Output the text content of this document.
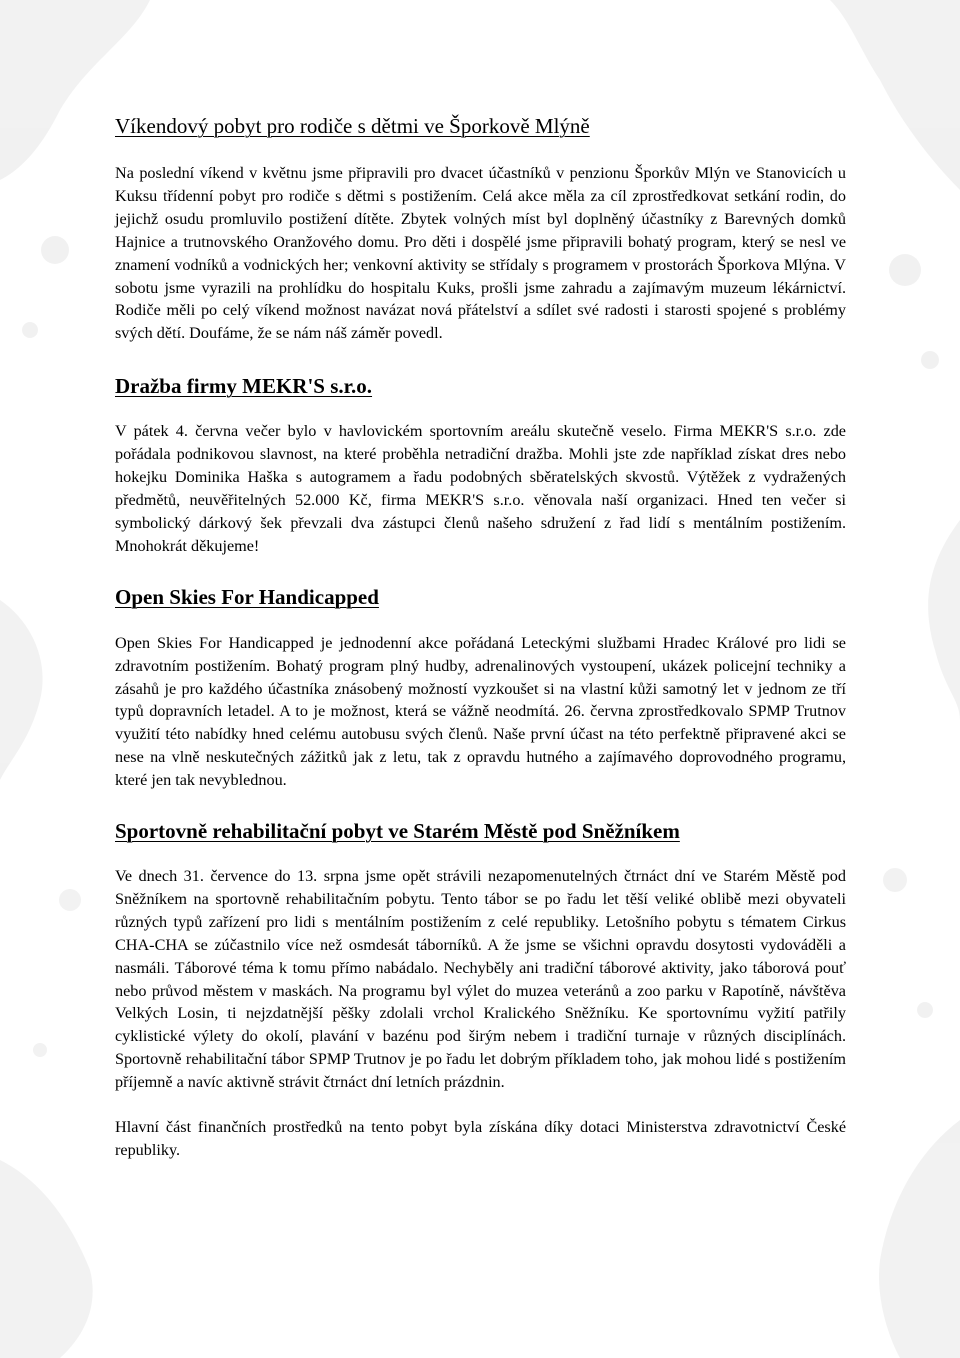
Víkendový pobyt pro rodiče s dětmi ve Šporkově Mlýně

Na poslední víkend v květnu jsme připravili pro dvacet účastníků v penzionu Šporkův Mlýn ve Stanovicích u Kuksu třídenní pobyt pro rodiče s dětmi s postižením. Celá akce měla za cíl zprostředkovat setkání rodin, do jejichž osudu promluvilo postižení dítěte. Zbytek volných míst byl doplněný účastníky z Barevných domků Hajnice a trutnovského Oranžového domu. Pro děti i dospělé jsme připravili bohatý program, který se nesl ve znamení vodníků a vodnických her; venkovní aktivity se střídaly s programem v prostorách Šporkova Mlýna. V sobotu jsme vyrazili na prohlídku do hospitalu Kuks, prošli jsme zahradu a zajímavým muzeum lékárnictví. Rodiče měli po celý víkend možnost navázat nová přátelství a sdílet své radosti i starosti spojené s problémy svých dětí. Doufáme, že se nám náš záměr povedl.

Dražba firmy MEKR'S s.r.o.

V pátek 4. června večer bylo v havlovickém sportovním areálu skutečně veselo. Firma MEKR'S s.r.o. zde pořádala podnikovou slavnost, na které proběhla netradiční dražba. Mohli jste zde například získat dres nebo hokejku Dominika Haška s autogramem a řadu podobných sběratelských skvostů. Výtěžek z vydražených předmětů, neuvěřitelných 52.000 Kč, firma MEKR'S s.r.o. věnovala naší organizaci. Hned ten večer si symbolický dárkový šek převzali dva zástupci členů našeho sdružení z řad lidí s mentálním postižením. Mnohokrát děkujeme!

Open Skies For Handicapped

Open Skies For Handicapped je jednodenní akce pořádaná Leteckými službami Hradec Králové pro lidi se zdravotním postižením. Bohatý program plný hudby, adrenalinových vystoupení, ukázek policejní techniky a zásahů je pro každého účastníka znásobený možností vyzkoušet si na vlastní kůži samotný let v jednom ze tří typů dopravních letadel. A to je možnost, která se vážně neodmítá. 26. června zprostředkovalo SPMP Trutnov využití této nabídky hned celému autobusu svých členů. Naše první účast na této perfektně připravené akci se nese na vlně neskutečných zážitků jak z letu, tak z opravdu hutného a zajímavého doprovodného programu, které jen tak nevyblednou.

Sportovně rehabilitační pobyt ve Starém Městě pod Sněžníkem

Ve dnech 31. července do 13. srpna jsme opět strávili nezapomenutelných čtrnáct dní ve Starém Městě pod Sněžníkem na sportovně rehabilitačním pobytu. Tento tábor se po řadu let těší veliké oblibě mezi obyvateli různých typů zařízení pro lidi s mentálním postižením z celé republiky. Letošního pobytu s tématem Cirkus CHA-CHA se zúčastnilo více než osmdesát táborníků. A že jsme se všichni opravdu dosytosti vydováděli a nasmáli. Táborové téma k tomu přímo nabádalo. Nechyběly ani tradiční táborové aktivity, jako táborová pouť nebo průvod městem v maskách. Na programu byl výlet do muzea veteránů a zoo parku v Rapotíně, návštěva Velkých Losin, ti nejzdatnější pěšky zdolali vrchol Kralického Sněžníku. Ke sportovnímu vyžití patřily cyklistické výlety do okolí, plavání v bazénu pod širým nebem i tradiční turnaje v různých disciplínách. Sportovně rehabilitační tábor SPMP Trutnov je po řadu let dobrým příkladem toho, jak mohou lidé s postižením příjemně a navíc aktivně strávit čtrnáct dní letních prázdnin.

Hlavní část finančních prostředků na tento pobyt byla získána díky dotaci Ministerstva zdravotnictví České republiky.
